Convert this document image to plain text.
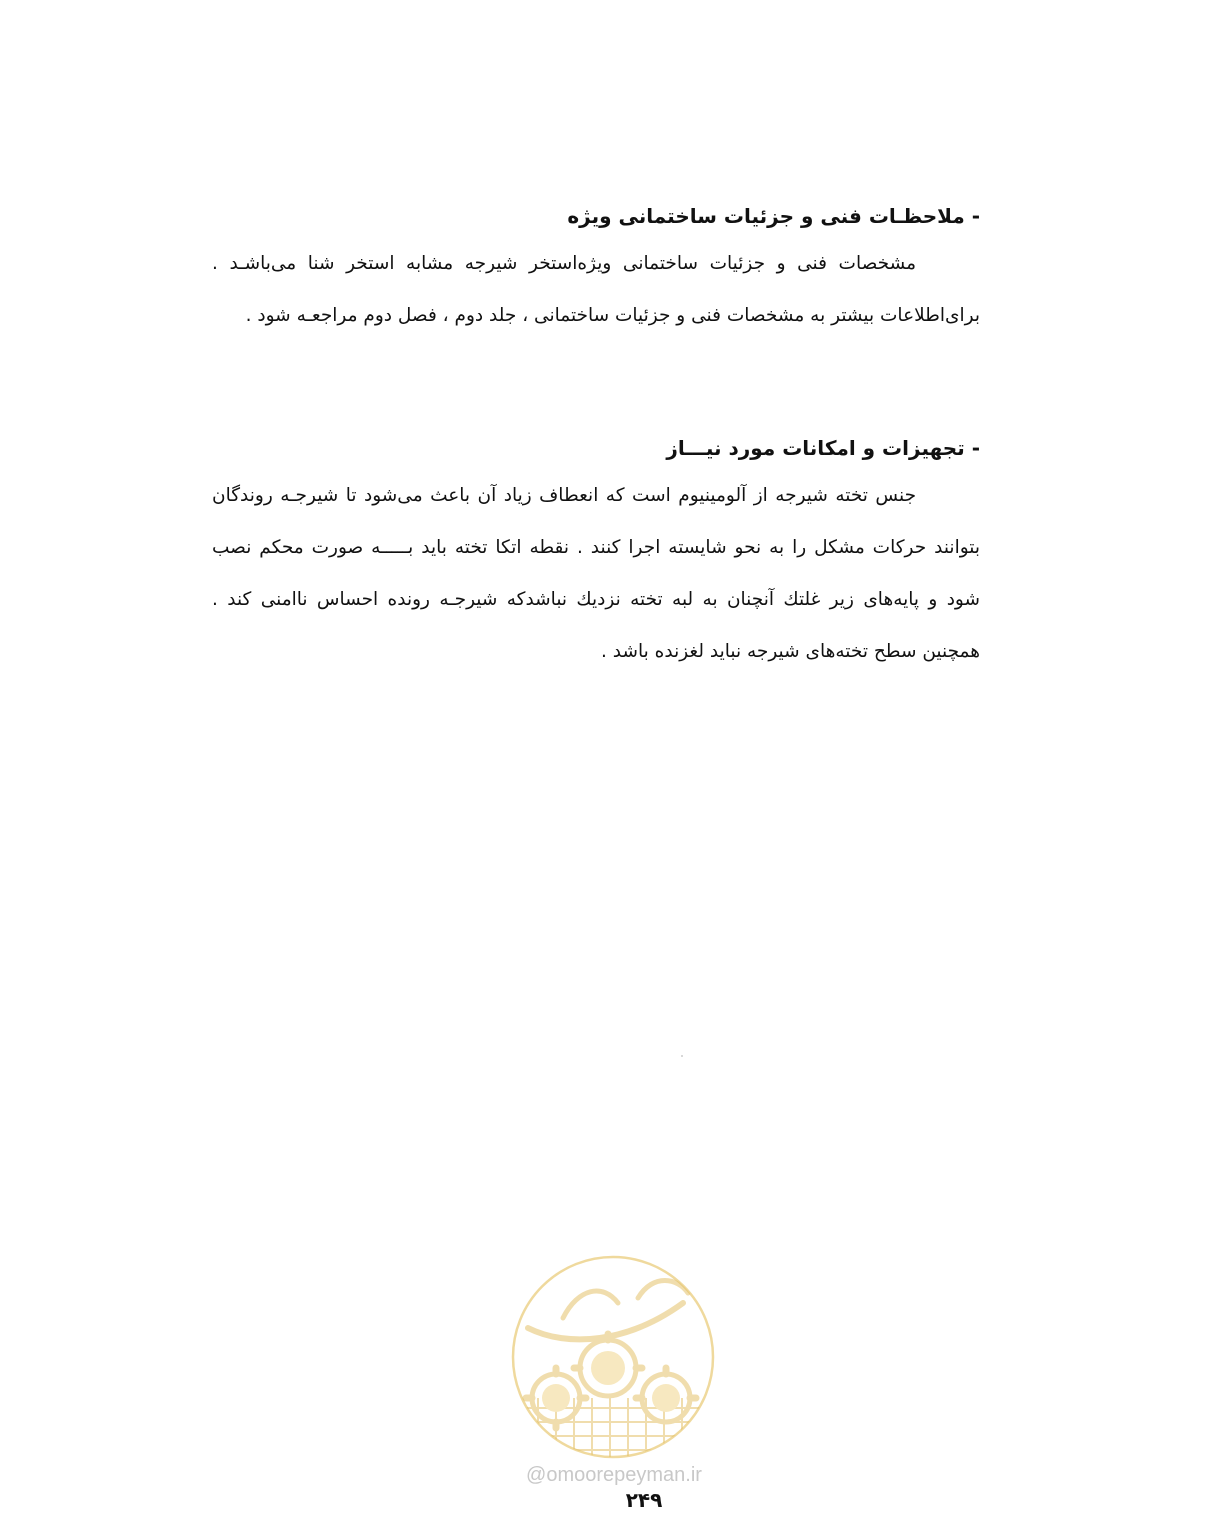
- ملاحظـات فنی و جزئیات ساختمانی ویژه

مشخصات فنی و جزئیات ساختمانی ویژه‌استخر شیرجه مشابه استخر شنا می‌باشـد . برای‌اطلاعات بیشتر به مشخصات فنی و جزئیات ساختمانی ، جلد دوم ، فصل دوم مراجعـه شود .

- تجهیزات و امکانات مورد نیـــاز

جنس تخته شیرجه از آلومینیوم است که انعطاف زیاد آن باعث می‌شود تا شیرجـه روندگان بتوانند حرکات مشکل را به نحو شایسته اجرا کنند . نقطه اتکا تخته باید بـــــه صورت محکم نصب شود و پایه‌های زیر غلتك آنچنان به لبه تخته نزدیك نباشدکه شیرجـه رونده احساس ناامنی کند . همچنین سطح تخته‌های شیرجه نباید لغزنده باشد .

@omoorepeyman.ir
۲۴۹
